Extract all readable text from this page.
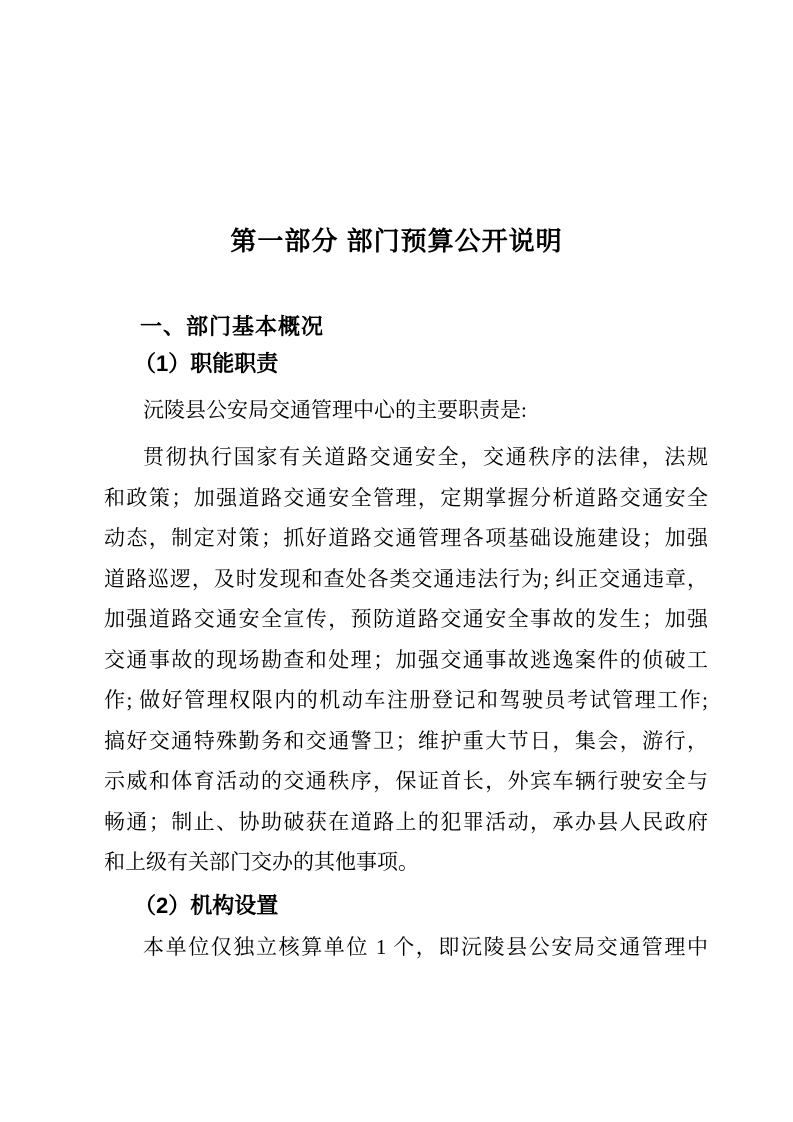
第一部分 部门预算公开说明
一、部门基本概况
（1）职能职责

沅陵县公安局交通管理中心的主要职责是:

贯彻执行国家有关道路交通安全，交通秩序的法律，法规
和政策；加强道路交通安全管理，定期掌握分析道路交通安全
动态，制定对策；抓好道路交通管理各项基础设施建设；加强
道路巡逻，及时发现和查处各类交通违法行为; 纠正交通违章，
加强道路交通安全宣传，预防道路交通安全事故的发生；加强
交通事故的现场勘查和处理；加强交通事故逃逸案件的侦破工
作; 做好管理权限内的机动车注册登记和驾驶员考试管理工作;
搞好交通特殊勤务和交通警卫；维护重大节日，集会，游行，
示威和体育活动的交通秩序，保证首长，外宾车辆行驶安全与
畅通；制止、协助破获在道路上的犯罪活动，承办县人民政府
和上级有关部门交办的其他事项。
（2）机构设置

本单位仅独立核算单位 1 个，即沅陵县公安局交通管理中
